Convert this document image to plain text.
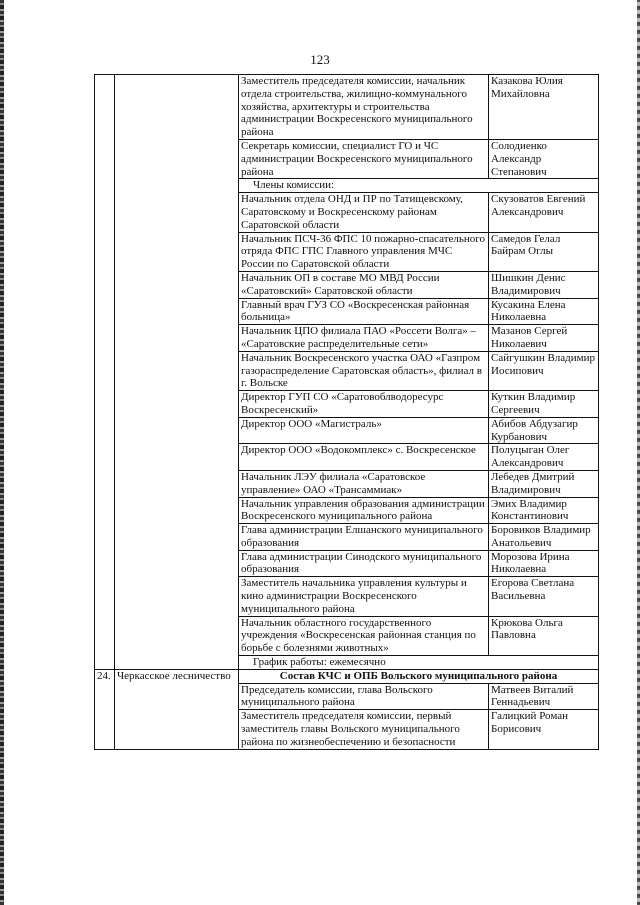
123
		Заместитель председателя комиссии, начальник отдела строительства, жилищно-коммунального хозяйства, архитектуры и строительства администрации Воскресенского муниципального района	Казакова Юлия Михайловна
		Секретарь комиссии, специалист ГО и ЧС администрации Воскресенского муниципального района	Солодиенко Александр Степанович
		Члены комиссии:	
		Начальник отдела ОНД и ПР по Татищевскому, Саратовскому и Воскресенскому районам Саратовской области	Скузоватов Евгений Александрович
		Начальник ПСЧ-36 ФПС 10 пожарно-спасательного отряда ФПС ГПС Главного управления МЧС России по Саратовской области	Самедов Гелал Байрам Оглы
		Начальник ОП в составе МО МВД России «Саратовский» Саратовской области	Шишкин Денис Владимирович
		Главный врач ГУЗ СО «Воскресенская районная больница»	Кусакина Елена Николаевна
		Начальник ЦПО филиала ПАО «Россети Волга» – «Саратовские распределительные сети»	Мазанов Сергей Николаевич
		Начальник Воскресенского участка ОАО «Газпром газораспределение Саратовская область», филиал в г. Вольске	Сайгушкин Владимир Иосипович
		Директор ГУП СО «Саратовоблводоресурс Воскресенский»	Куткин Владимир Сергеевич
		Директор ООО «Магистраль»	Абибов Абдузагир Курбанович
		Директор ООО «Водокомплекс» с. Воскресенское	Полуцыган Олег Александрович
		Начальник ЛЭУ филиала «Саратовское управление» ОАО «Трансаммиак»	Лебедев Дмитрий Владимирович
		Начальник управления образования администрации Воскресенского муниципального района	Эмих Владимир Константинович
		Глава администрации Елшанского муниципального образования	Боровиков Владимир Анатольевич
		Глава администрации Синодского муниципального образования	Морозова Ирина Николаевна
		Заместитель начальника управления культуры и кино администрации Воскресенского муниципального района	Егорова Светлана Васильевна
		Начальник областного государственного учреждения «Воскресенская районная станция по борьбе с болезнями животных»	Крюкова Ольга Павловна
		График работы: ежемесячно	
24.	Черкасское лесничество	Состав КЧС и ОПБ Вольского муниципального района	
		Председатель комиссии, глава Вольского муниципального района	Матвеев Виталий Геннадьевич
		Заместитель председателя комиссии, первый заместитель главы Вольского муниципального района по жизнеобеспечению и безопасности	Галицкий Роман Борисович
